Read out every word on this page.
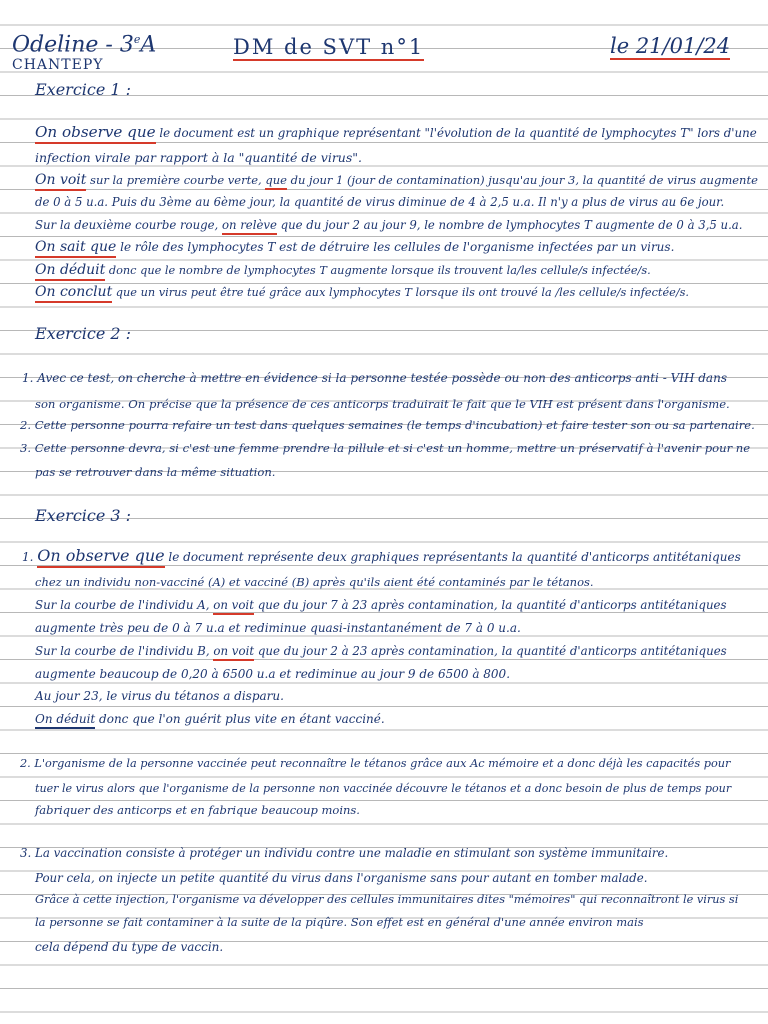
Odeline - 3eA
CHANTEPY
DM de SVT n°1	le 21/01/24
Exercice 1 :
On observe que le document est un graphique représentant "l'évolution de la quantité de lymphocytes T" lors d'une
infection virale par rapport à la "quantité de virus".
On voit sur la première courbe verte, que du jour 1 (jour de contamination) jusqu'au jour 3, la quantité de virus augmente
de 0 à 5 u.a. Puis du 3ème au 6ème jour, la quantité de virus diminue de 4 à 2,5 u.a. Il n'y a plus de virus au 6e jour.
Sur la deuxième courbe rouge, on relève que du jour 2 au jour 9, le nombre de lymphocytes T augmente de 0 à 3,5 u.a.
On sait que le rôle des lymphocytes T est de détruire les cellules de l'organisme infectées par un virus.
On déduit donc que le nombre de lymphocytes T augmente lorsque ils trouvent la/les cellule/s infectée/s.
On conclut que un virus peut être tué grâce aux lymphocytes T lorsque ils ont trouvé la /les cellule/s infectée/s.
Exercice 2 :
1. Avec ce test, on cherche à mettre en évidence si la personne testée possède ou non des anticorps anti - VIH dans
son organisme. On précise que la présence de ces anticorps traduirait le fait que le VIH est présent dans l'organisme.
2. Cette personne pourra refaire un test dans quelques semaines (le temps d'incubation) et faire tester son ou sa partenaire.
3. Cette personne devra, si c'est une femme prendre la pillule et si c'est un homme, mettre un préservatif à l'avenir pour ne
pas se retrouver dans la même situation.
Exercice 3 :
1. On observe que le document représente deux graphiques représentants la quantité d'anticorps antitétaniques
chez un individu non-vacciné (A) et vacciné (B) après qu'ils aient été contaminés par le tétanos.
Sur la courbe de l'individu A, on voit que du jour 7 à 23 après contamination, la quantité d'anticorps antitétaniques
augmente très peu de 0 à 7 u.a et rediminue quasi-instantanément de 7 à 0 u.a.
Sur la courbe de l'individu B, on voit que du jour 2 à 23 après contamination, la quantité d'anticorps antitétaniques
augmente beaucoup de 0,20 à 6500 u.a et rediminue au jour 9 de 6500 à 800.
Au jour 23, le virus du tétanos a disparu.
On déduit donc que l'on guérit plus vite en étant vacciné.
2. L'organisme de la personne vaccinée peut reconnaître le tétanos grâce aux Ac mémoire et a donc déjà les capacités pour
tuer le virus alors que l'organisme de la personne non vaccinée découvre le tétanos et a donc besoin de plus de temps pour
fabriquer des anticorps et en fabrique beaucoup moins.
3. La vaccination consiste à protéger un individu contre une maladie en stimulant son système immunitaire.
Pour cela, on injecte un petite quantité du virus dans l'organisme sans pour autant en tomber malade.
Grâce à cette injection, l'organisme va développer des cellules immunitaires dites "mémoires" qui reconnaîtront le virus si
la personne se fait contaminer à la suite de la piqûre. Son effet est en général d'une année environ mais
cela dépend du type de vaccin.
